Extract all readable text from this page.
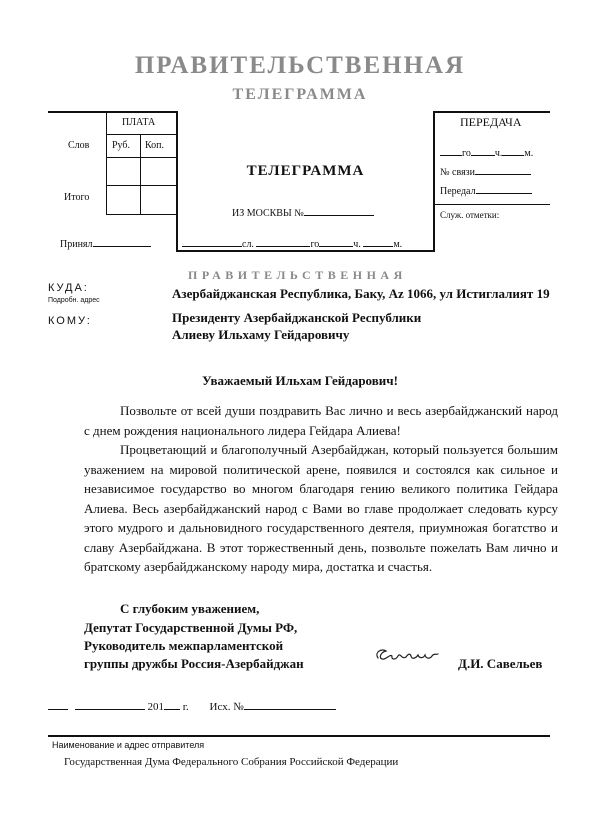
ПРАВИТЕЛЬСТВЕННАЯ
ТЕЛЕГРАММА
ПЛАТА
Слов Руб. Коп.
Итого
Принял
ТЕЛЕГРАММА
ИЗ МОСКВЫ №
сл.	го	ч.	м.
ПЕРЕДАЧА
го ч. м.
№ связи
Передал
Служ. отметки:
ПРАВИТЕЛЬСТВЕННАЯ
КУДА:
Подробн. адрес	Азербайджанская Республика, Баку, Az 1066, ул Истиглалият 19
КОМУ:	Президенту Азербайджанской Республики
Алиеву Ильхаму Гейдаровичу
Уважаемый Ильхам Гейдарович!
Позвольте от всей души поздравить Вас лично и весь азербайджанский народ с днем рождения национального лидера Гейдара Алиева!
Процветающий и благополучный Азербайджан, который пользуется большим уважением на мировой политической арене, появился и состоялся как сильное и независимое государство во многом благодаря гению великого политика Гейдара Алиева. Весь азербайджанский народ с Вами во главе продолжает следовать курсу этого мудрого и дальновидного государственного деятеля, приумножая богатство и славу Азербайджана. В этот торжественный день, позвольте пожелать Вам лично и братскому азербайджанскому народу мира, достатка и счастья.
С глубоким уважением,
Депутат Государственной Думы РФ,
Руководитель межпарламентской
группы дружбы Россия-Азербайджан	Д.И. Савельев
201 г. Исх. №
Наименование и адрес отправителя
Государственная Дума Федерального Собрания Российской Федерации
